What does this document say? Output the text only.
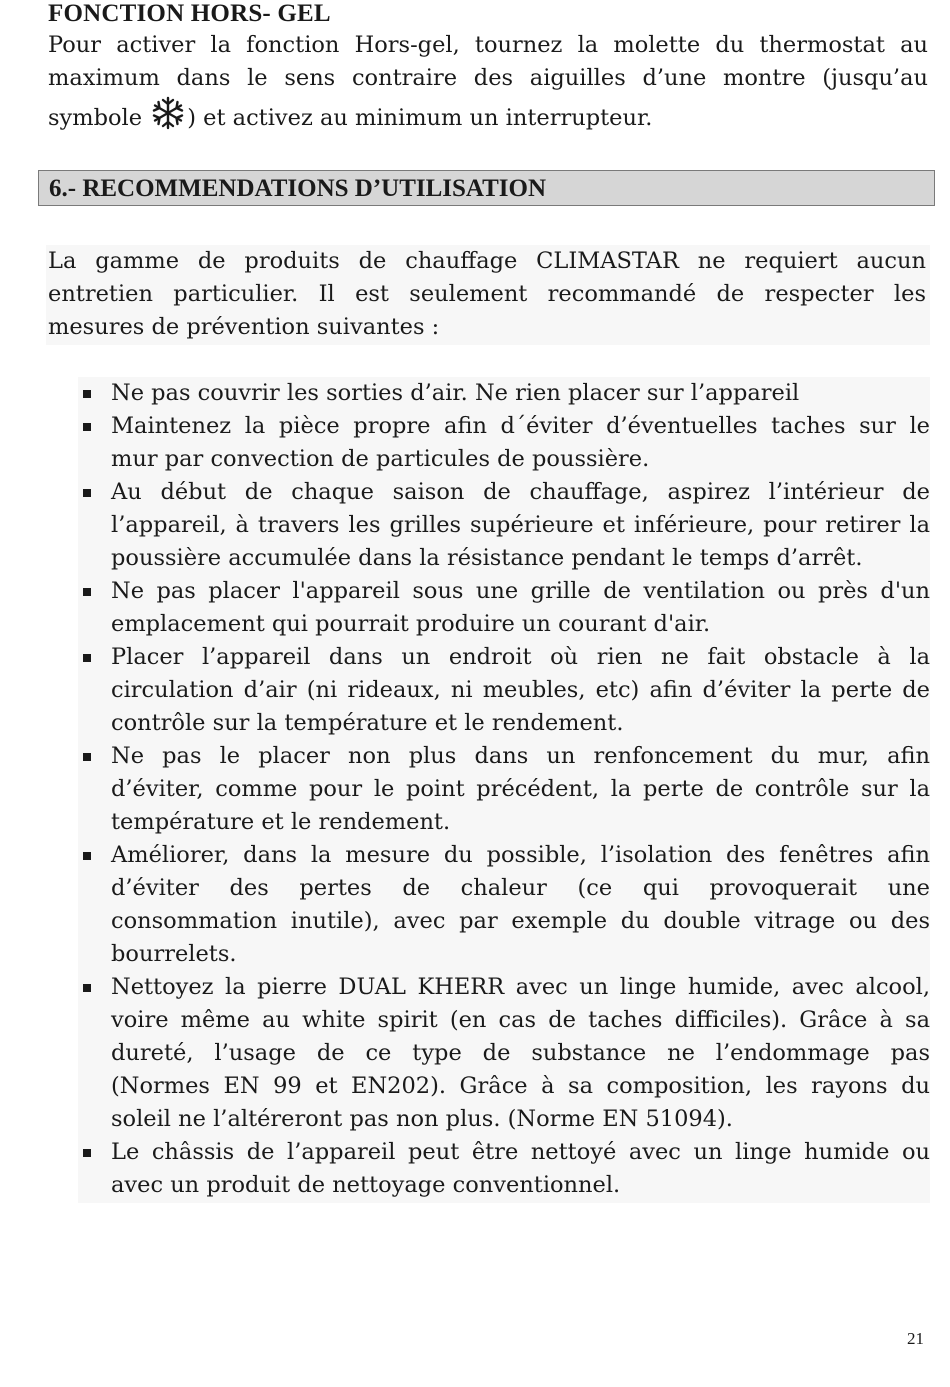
FONCTION HORS- GEL
Pour activer la fonction Hors-gel, tournez la molette du thermostat au
maximum dans le sens contraire des aiguilles d’une montre (jusqu’au
symbole ) et activez au minimum un interrupteur.
6.- RECOMMENDATIONS D’UTILISATION

La gamme de produits de chauffage CLIMASTAR ne requiert aucun
entretien particulier. Il est seulement recommandé de respecter les
mesures de prévention suivantes :

Ne pas couvrir les sorties d’air. Ne rien placer sur l’appareil
Maintenez la pièce propre afin d´éviter d’éventuelles taches sur le
mur par convection de particules de poussière.
Au début de chaque saison de chauffage, aspirez l’intérieur de
l’appareil, à travers les grilles supérieure et inférieure, pour retirer la
poussière accumulée dans la résistance pendant le temps d’arrêt.
Ne pas placer l'appareil sous une grille de ventilation ou près d'un
emplacement qui pourrait produire un courant d'air.
Placer l’appareil dans un endroit où rien ne fait obstacle à la
circulation d’air (ni rideaux, ni meubles, etc) afin d’éviter la perte de
contrôle sur la température et le rendement.
Ne pas le placer non plus dans un renfoncement du mur, afin
d’éviter, comme pour le point précédent, la perte de contrôle sur la
température et le rendement.
Améliorer, dans la mesure du possible, l’isolation des fenêtres afin
d’éviter des pertes de chaleur (ce qui provoquerait une
consommation inutile), avec par exemple du double vitrage ou des
bourrelets.
Nettoyez la pierre DUAL KHERR avec un linge humide, avec alcool,
voire même au white spirit (en cas de taches difficiles). Grâce à sa
dureté, l’usage de ce type de substance ne l’endommage pas
(Normes EN 99 et EN202). Grâce à sa composition, les rayons du
soleil ne l’altéreront pas non plus. (Norme EN 51094).
Le châssis de l’appareil peut être nettoyé avec un linge humide ou
avec un produit de nettoyage conventionnel.
21
